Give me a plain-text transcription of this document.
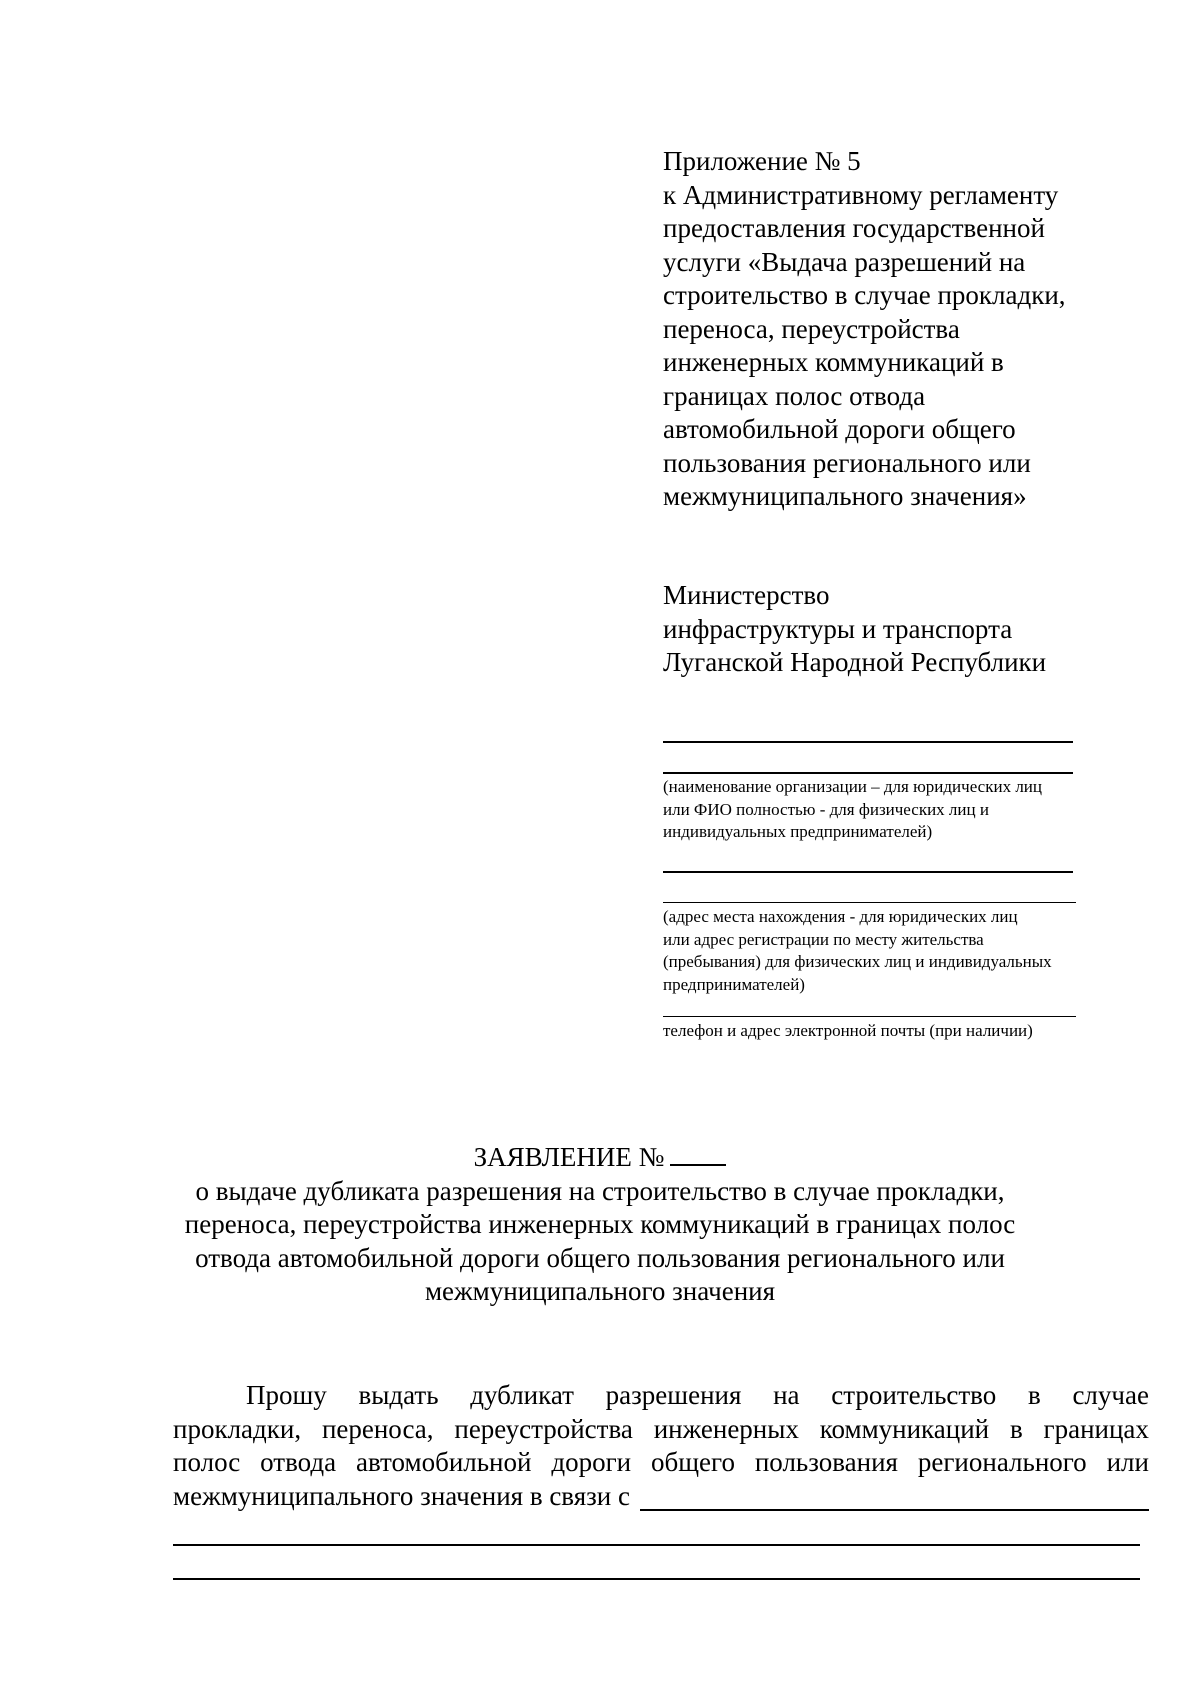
Приложение № 5
к Административному регламенту
предоставления государственной
услуги «Выдача разрешений на
строительство в случае прокладки,
переноса, переустройства
инженерных коммуникаций в
границах полос отвода
автомобильной дороги общего
пользования регионального или
межмуниципального значения»
Министерство
инфраструктуры и транспорта
Луганской Народной Республики
(наименование организации – для юридических лиц
или ФИО полностью - для физических лиц и
индивидуальных предпринимателей)
(адрес места нахождения - для юридических лиц
или адрес регистрации по месту жительства
(пребывания) для физических лиц и индивидуальных
предпринимателей)
телефон и адрес электронной почты (при наличии)
ЗАЯВЛЕНИЕ №
о выдаче дубликата разрешения на строительство в случае прокладки,
переноса, переустройства инженерных коммуникаций в границах полос
отвода автомобильной дороги общего пользования регионального или
межмуниципального значения
Прошу выдать дубликат разрешения на строительство в случае
прокладки, переноса, переустройства инженерных коммуникаций в границах
полос отвода автомобильной дороги общего пользования регионального или
межмуниципального значения в связи с
